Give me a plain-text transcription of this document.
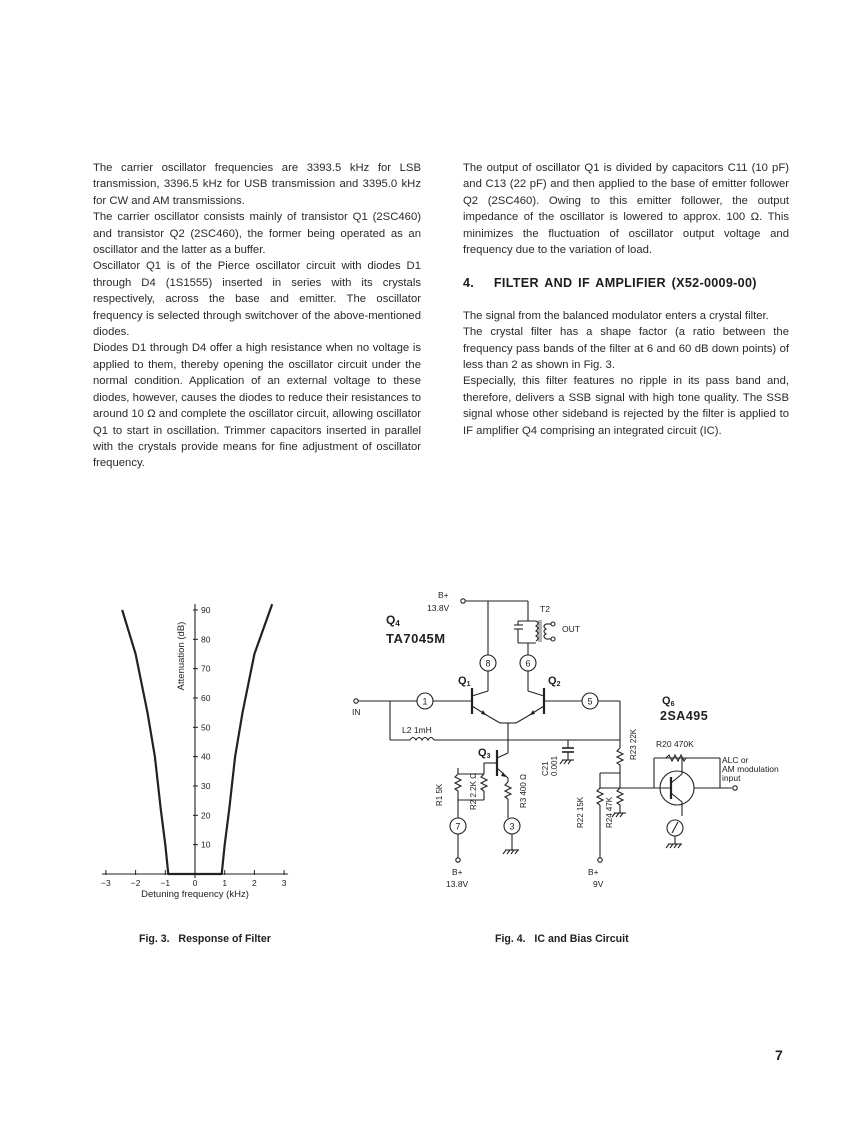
The carrier oscillator frequencies are 3393.5 kHz for LSB transmission, 3396.5 kHz for USB transmission and 3395.0 kHz for CW and AM transmissions.

The carrier oscillator consists mainly of transistor Q1 (2SC460) and transistor Q2 (2SC460), the former being operated as an oscillator and the latter as a buffer.

Oscillator Q1 is of the Pierce oscillator circuit with diodes D1 through D4 (1S1555) inserted in series with its crystals respectively, across the base and emitter. The oscillator frequency is selected through switchover of the above-mentioned diodes.

Diodes D1 through D4 offer a high resistance when no voltage is applied to them, thereby opening the oscillator circuit under the normal condition. Application of an external voltage to these diodes, however, causes the diodes to reduce their resistances to around 10 Ω and complete the oscillator circuit, allowing oscillator Q1 to start in oscillation. Trimmer capacitors inserted in parallel with the crystals provide means for fine adjustment of oscillator frequency.

The output of oscillator Q1 is divided by capacitors C11 (10 pF) and C13 (22 pF) and then applied to the base of emitter follower Q2 (2SC460). Owing to this emitter follower, the output impedance of the oscillator is lowered to approx. 100 Ω. This minimizes the fluctuation of oscillator output voltage and frequency due to the variation of load.

4. FILTER AND IF AMPLIFIER (X52-0009-00)

The signal from the balanced modulator enters a crystal filter.

The crystal filter has a shape factor (a ratio between the frequency pass bands of the filter at 6 and 60 dB down points) of less than 2 as shown in Fig. 3.

Especially, this filter features no ripple in its pass band and, therefore, delivers a SSB signal with high tone quality. The SSB signal whose other sideband is rejected by the filter is applied to IF amplifier Q4 comprising an integrated circuit (IC).

−3 −2 −1	0	1	2	3
10
20
30
40
50
60
70
80
90
Attenuation (dB)
Detuning frequency (kHz)
B+
13.8V
Q4
TA7045M
T2
OUT
8	6
Q1	Q2
IN
1
L2 1mH
5
C21 0.001
R23 22K
Q3
R1 5K	R2 2.2K Ω	R3 400 Ω
7
B+
13.8V
3	R22 15K
B+
9V
R24 47K
Q6
2SA495
R20 470K
ALC or
AM modulation
input
Fig. 3.   Response of Filter	Fig. 4.   IC and Bias Circuit
7
